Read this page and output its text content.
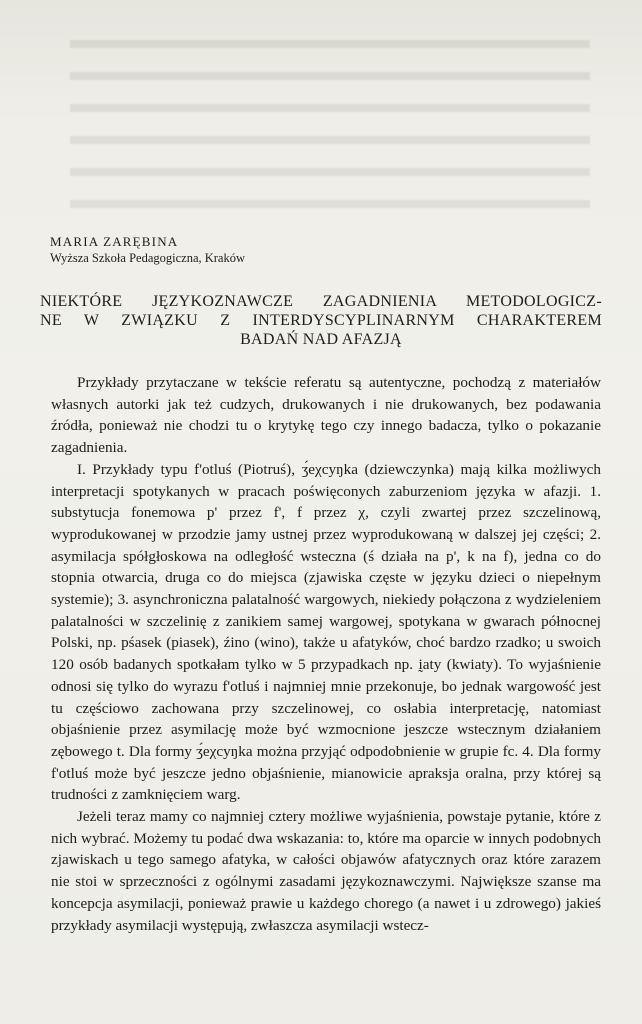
MARIA ZARĘBINA
Wyższa Szkoła Pedagogiczna, Kraków
NIEKTÓRE JĘZYKOZNAWCZE ZAGADNIENIA METODOLOGICZ-
NE W ZWIĄZKU Z INTERDYSCYPLINARNYM CHARAKTEREM
BADAŃ NAD AFAZJĄ

Przykłady przytaczane w tekście referatu są autentyczne, pochodzą z materiałów własnych autorki jak też cudzych, drukowanych i nie drukowanych, bez podawania źródła, ponieważ nie chodzi tu o krytykę tego czy innego badacza, tylko o pokazanie zagadnienia.

I. Przykłady typu f'otluś (Piotruś), ʒ́eχcyŋka (dziewczynka) mają kilka możliwych interpretacji spotykanych w pracach poświęconych zaburzeniom języka w afazji. 1. substytucja fonemowa p' przez f', f przez χ, czyli zwartej przez szczelinową, wyprodukowanej w przodzie jamy ustnej przez wyprodukowaną w dalszej jej części; 2. asymilacja spółgłoskowa na odległość wsteczna (ś działa na p', k na f), jedna co do stopnia otwarcia, druga co do miejsca (zjawiska częste w języku dzieci o niepełnym systemie); 3. asynchroniczna palatalność wargowych, niekiedy połączona z wydzieleniem palatalności w szczelinię z zanikiem samej wargowej, spotykana w gwarach północnej Polski, np. pśasek (piasek), źino (wino), także u afatyków, choć bardzo rzadko; u swoich 120 osób badanych spotkałam tylko w 5 przypadkach np. ḭaty (kwiaty). To wyjaśnienie odnosi się tylko do wyrazu f'otluś i najmniej mnie przekonuje, bo jednak wargowość jest tu częściowo zachowana przy szczelinowej, co osłabia interpretację, natomiast objaśnienie przez asymilację może być wzmocnione jeszcze wstecznym działaniem zębowego t. Dla formy ʒ́eχcyŋka można przyjąć odpodobnienie w grupie fc. 4. Dla formy f'otluś może być jeszcze jedno objaśnienie, mianowicie apraksja oralna, przy której są trudności z zamknięciem warg.

Jeżeli teraz mamy co najmniej cztery możliwe wyjaśnienia, powstaje pytanie, które z nich wybrać. Możemy tu podać dwa wskazania: to, które ma oparcie w innych podobnych zjawiskach u tego samego afatyka, w całości objawów afatycznych oraz które zarazem nie stoi w sprzeczności z ogólnymi zasadami językoznawczymi. Największe szanse ma koncepcja asymilacji, ponieważ prawie u każdego chorego (a nawet i u zdrowego) jakieś przykłady asymilacji występują, zwłaszcza asymilacji wstecz-
